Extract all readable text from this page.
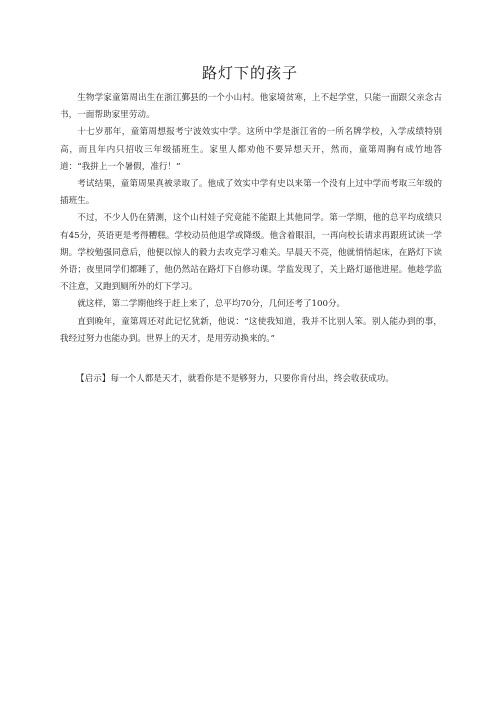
路灯下的孩子

生物学家童第周出生在浙江鄞县的一个小山村。他家境贫寒，上不起学堂，只能一面跟父亲念古书，一面帮助家里劳动。

十七岁那年，童第周想报考宁波效实中学。这所中学是浙江省的一所名牌学校，入学成绩特别高，而且年内只招收三年级插班生。家里人都劝他不要异想天开，然而，童第周胸有成竹地答道：“我拼上一个暑假，准行！”

考试结果，童第周果真被录取了。他成了效实中学有史以来第一个没有上过中学而考取三年级的插班生。

不过，不少人仍在猜测，这个山村娃子究竟能不能跟上其他同学。第一学期，他的总平均成绩只有45分，英语更是考得糟糕。学校动员他退学或降级。他含着眼泪，一再向校长请求再跟班试读一学期。学校勉强同意后，他便以惊人的毅力去攻克学习难关。早晨天不亮，他就悄悄起床，在路灯下读外语；夜里同学们都睡了，他仍然站在路灯下自修功课。学监发现了，关上路灯逼他进屋。他趁学监不注意，又跑到厕所外的灯下学习。

就这样，第二学期他终于赶上来了，总平均70分，几何还考了100分。

直到晚年，童第周还对此记忆犹新，他说：“这使我知道，我并不比别人笨。别人能办到的事，我经过努力也能办到。世界上的天才，是用劳动换来的。”

【启示】每一个人都是天才，就看你是不是够努力，只要你肯付出，终会收获成功。
